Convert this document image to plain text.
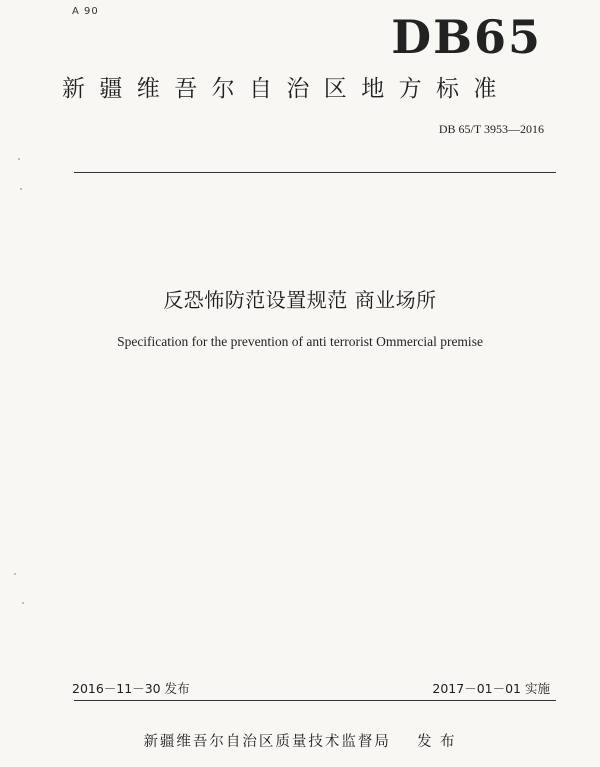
A 90	DB65
新疆维吾尔自治区地方标准
DB 65/T 3953—2016
反恐怖防范设置规范 商业场所
Specification for the prevention of anti terrorist Ommercial premise
2016－11－30 发布	2017－01－01 实施
新疆维吾尔自治区质量技术监督局 发 布
